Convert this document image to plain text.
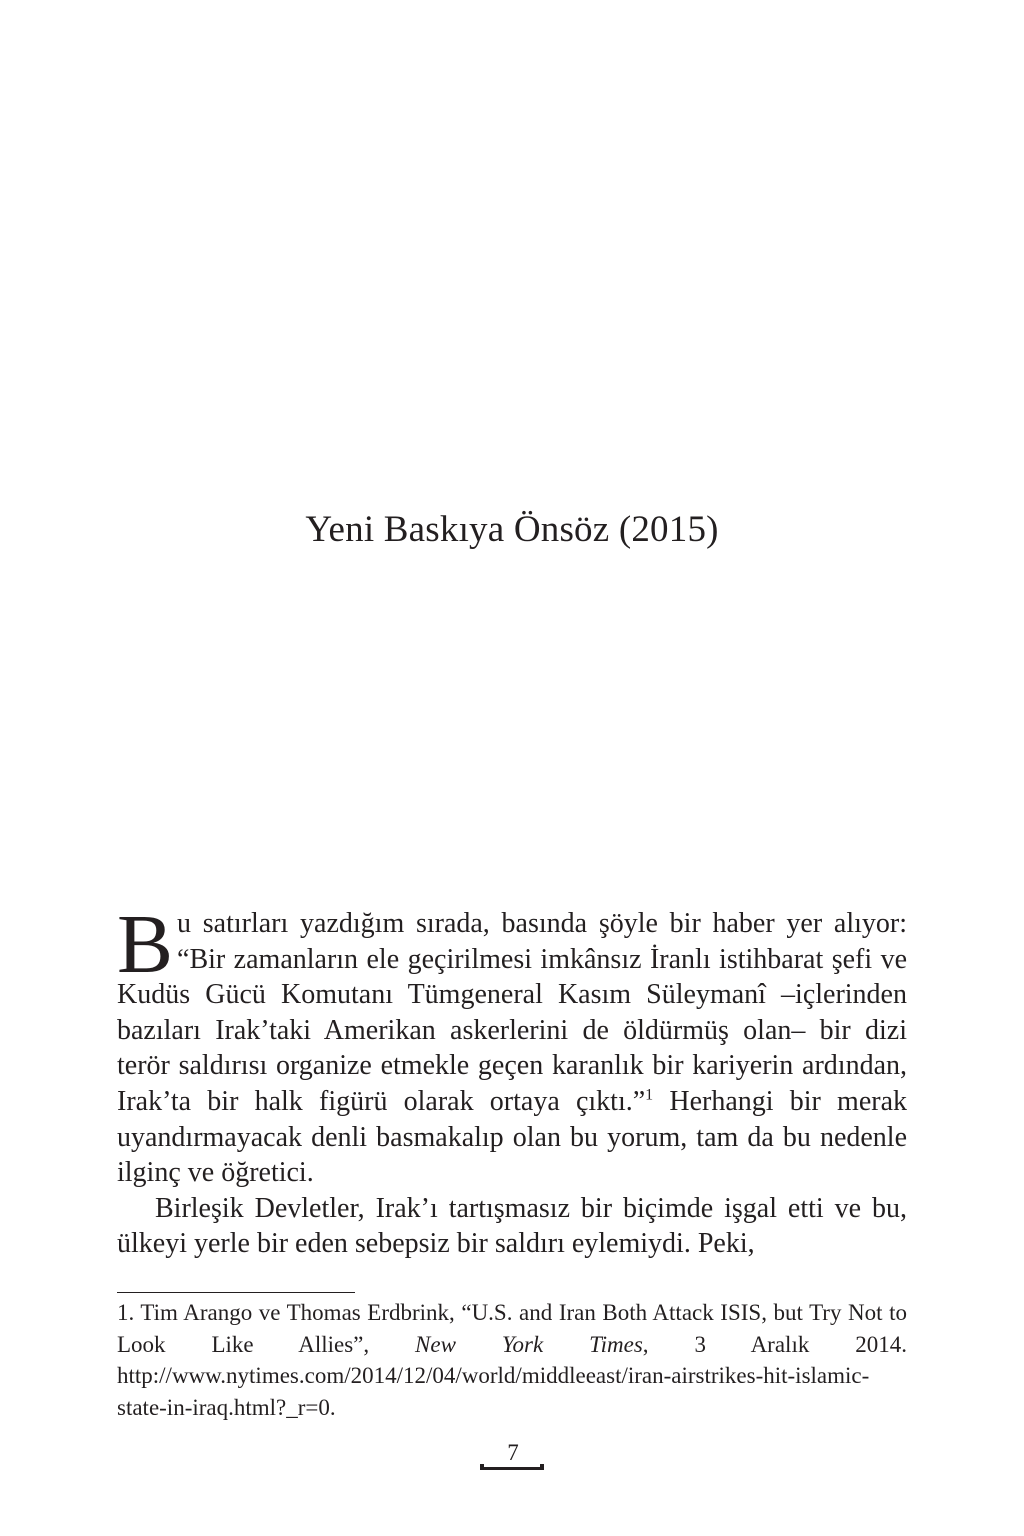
Yeni Baskıya Önsöz (2015)

Bu satırları yazdığım sırada, basında şöyle bir haber yer alıyor: “Bir zamanların ele geçirilmesi imkânsız İranlı istihbarat şefi ve Kudüs Gücü Komutanı Tümgeneral Kasım Süleymanî –içlerinden bazıları Irak’taki Amerikan askerlerini de öldürmüş olan– bir dizi terör saldırısı organize etmekle geçen karanlık bir kariyerin ardından, Irak’ta bir halk figürü olarak ortaya çıktı.”$^1$ Herhangi bir merak uyandırmayacak denli basmakalıp olan bu yorum, tam da bu nedenle ilginç ve öğretici.

Birleşik Devletler, Irak’ı tartışmasız bir biçimde işgal etti ve bu, ülkeyi yerle bir eden sebepsiz bir saldırı eylemiydi. Peki,

1. Tim Arango ve Thomas Erdbrink, “U.S. and Iran Both Attack ISIS, but Try Not to Look Like Allies”, New York Times, 3 Aralık 2014. http://www.nytimes.com/2014/12/04/world/middleeast/iran-airstrikes-hit-islamic-state-in-iraq.html?_r=0.

7
